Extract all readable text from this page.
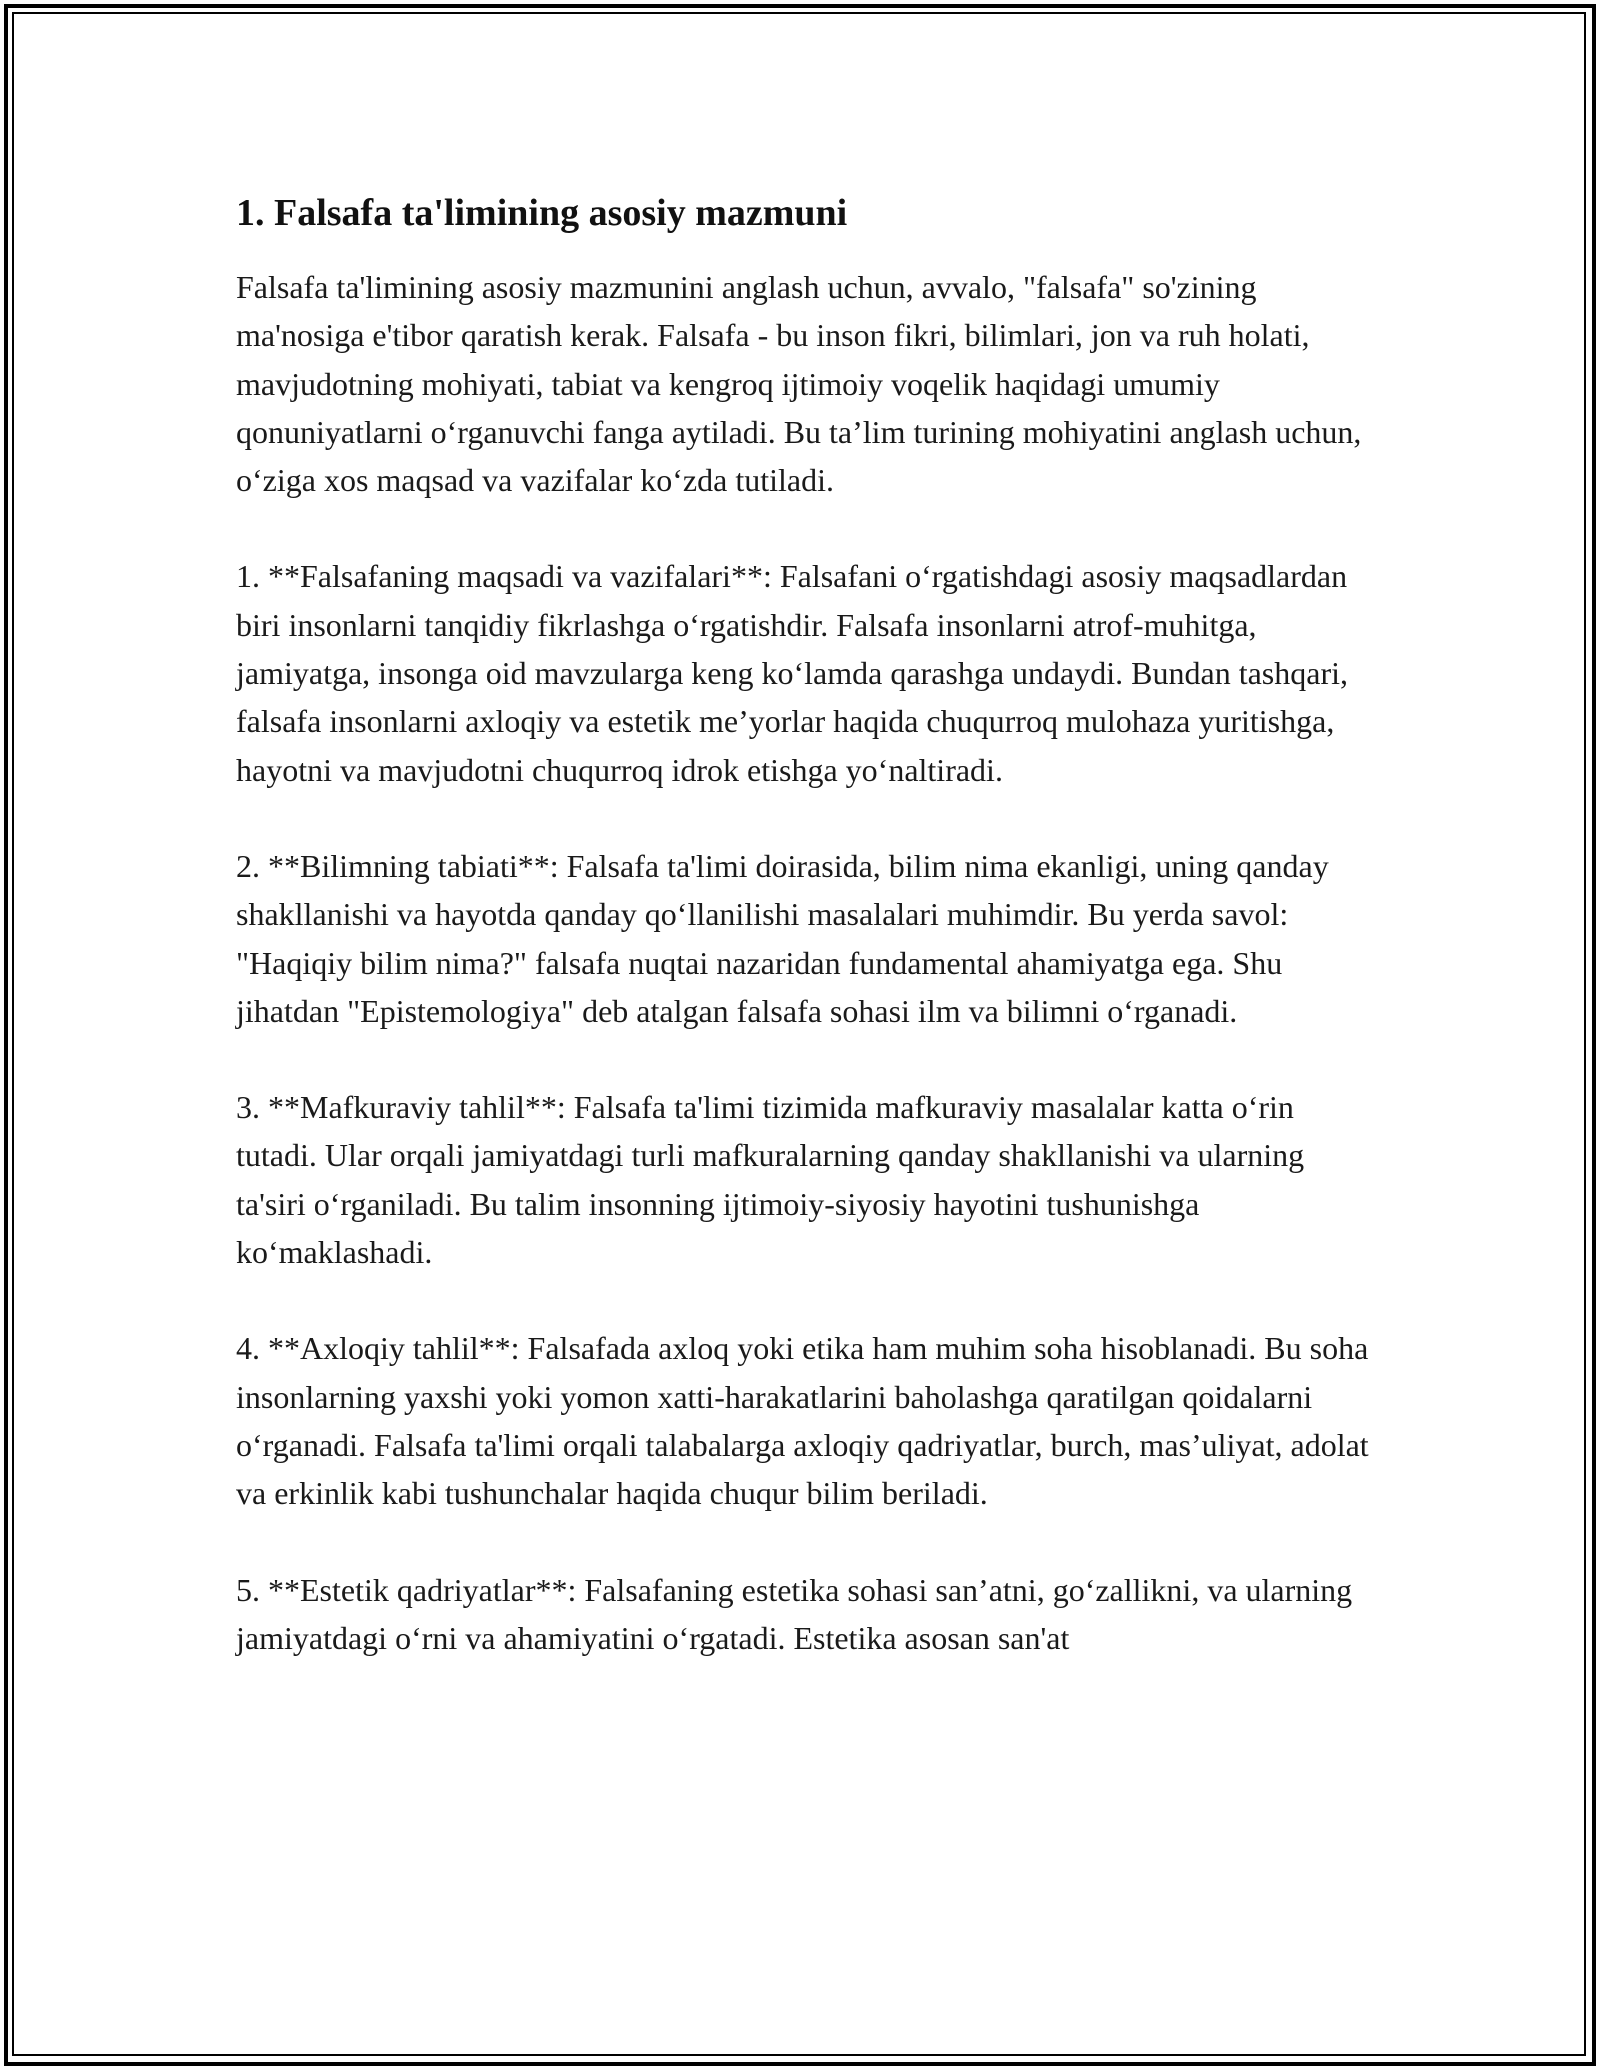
1. Falsafa ta'limining asosiy mazmuni

Falsafa ta'limining asosiy mazmunini anglash uchun, avvalo, "falsafa" so'zining ma'nosiga e'tibor qaratish kerak. Falsafa - bu inson fikri, bilimlari, jon va ruh holati, mavjudotning mohiyati, tabiat va kengroq ijtimoiy voqelik haqidagi umumiy qonuniyatlarni o‘rganuvchi fanga aytiladi. Bu ta’lim turining mohiyatini anglash uchun, o‘ziga xos maqsad va vazifalar ko‘zda tutiladi.

1. **Falsafaning maqsadi va vazifalari**: Falsafani o‘rgatishdagi asosiy maqsadlardan biri insonlarni tanqidiy fikrlashga o‘rgatishdir. Falsafa insonlarni atrof-muhitga, jamiyatga, insonga oid mavzularga keng ko‘lamda qarashga undaydi. Bundan tashqari, falsafa insonlarni axloqiy va estetik me’yorlar haqida chuqurroq mulohaza yuritishga, hayotni va mavjudotni chuqurroq idrok etishga yo‘naltiradi.

2. **Bilimning tabiati**: Falsafa ta'limi doirasida, bilim nima ekanligi, uning qanday shakllanishi va hayotda qanday qo‘llanilishi masalalari muhimdir. Bu yerda savol: "Haqiqiy bilim nima?" falsafa nuqtai nazaridan fundamental ahamiyatga ega. Shu jihatdan "Epistemologiya" deb atalgan falsafa sohasi ilm va bilimni o‘rganadi.

3. **Mafkuraviy tahlil**: Falsafa ta'limi tizimida mafkuraviy masalalar katta o‘rin tutadi. Ular orqali jamiyatdagi turli mafkuralarning qanday shakllanishi va ularning ta'siri o‘rganiladi. Bu talim insonning ijtimoiy-siyosiy hayotini tushunishga ko‘maklashadi.

4. **Axloqiy tahlil**: Falsafada axloq yoki etika ham muhim soha hisoblanadi. Bu soha insonlarning yaxshi yoki yomon xatti-harakatlarini baholashga qaratilgan qoidalarni o‘rganadi. Falsafa ta'limi orqali talabalarga axloqiy qadriyatlar, burch, mas’uliyat, adolat va erkinlik kabi tushunchalar haqida chuqur bilim beriladi.

5. **Estetik qadriyatlar**: Falsafaning estetika sohasi san’atni, go‘zallikni, va ularning jamiyatdagi o‘rni va ahamiyatini o‘rgatadi. Estetika asosan san'at
